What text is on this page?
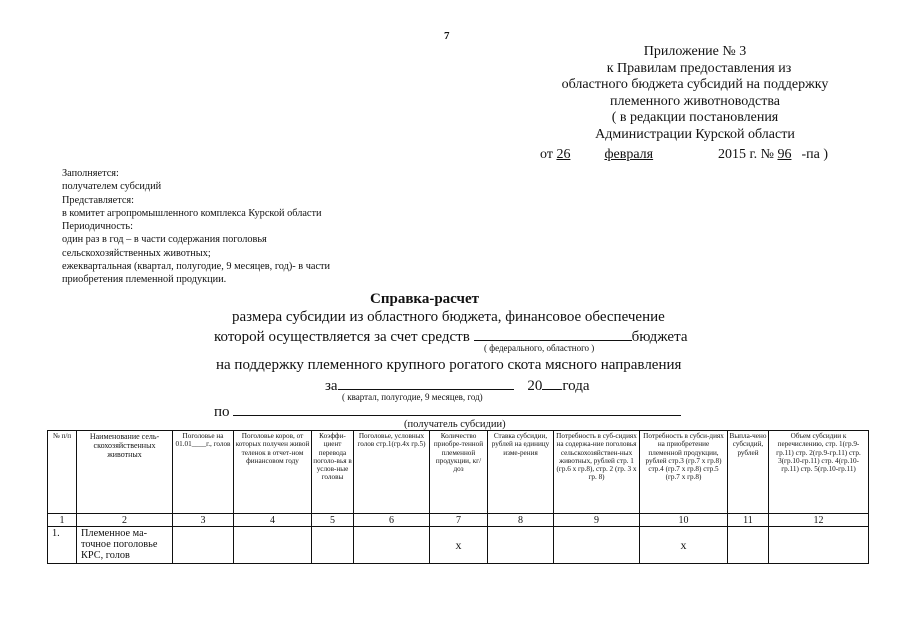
7
Приложение № 3
к Правилам предоставления из
областного бюджета субсидий на поддержку
племенного животноводства
( в редакции постановления
Администрации Курской области
от 26 февраля	2015 г. № 96 -па )
Заполняется:
получателем субсидий
Представляется:
в комитет агропромышленного комплекса Курской области
Периодичность:
один раз в год – в части содержания поголовья
сельскохозяйственных животных;
ежеквартальная (квартал, полугодие, 9 месяцев, год)- в части
приобретения племенной продукции.
Справка-расчет
размера субсидии из областного бюджета, финансовое обеспечение
которой осуществляется за счет средств	бюджета
( федерального, областного )
на поддержку племенного крупного рогатого скота мясного направления
за	20 года
( квартал, полугодие, 9 месяцев, год)
по
(получатель субсидии)
№ п/п	Наименование сель-скохозяйственных животных	Поголовье на 01.01____г., голов	Поголовье коров, от которых получен живой теленок в отчет-ном финансовом году	Коэффи-циент перевода поголо-вья в услов-ные головы	Поголовье, условных голов стр.1(гр.4х гр.5)	Количество приобре-тенной племенной продукции, кг/доз	Ставка субсидии, рублей на единицу изме-рения	Потребность в суб-сидиях на содержа-ние поголовья сельскохозяйствен-ных животных, рублей стр. 1 (гр.6 х гр.8), стр. 2 (гр. 3 х гр. 8)	Потребность в субси-диях на приобретение племенной продукции, рублей стр.3 (гр.7 х гр.8) стр.4 (гр.7 х гр.8) стр.5 (гр.7 х гр.8)	Выпла-чено субсидий, рублей	Объем субсидии к перечислению, стр. 1(гр.9-гр.11) стр. 2(гр.9-гр.11) стр. 3(гр.10-гр.11) стр. 4(гр.10-гр.11) стр. 5(гр.10-гр.11)
1	2	3	4	5	6	7	8	9	10	11	12
1.	Племенное ма-точное поголовье КРС, голов					х			х		
